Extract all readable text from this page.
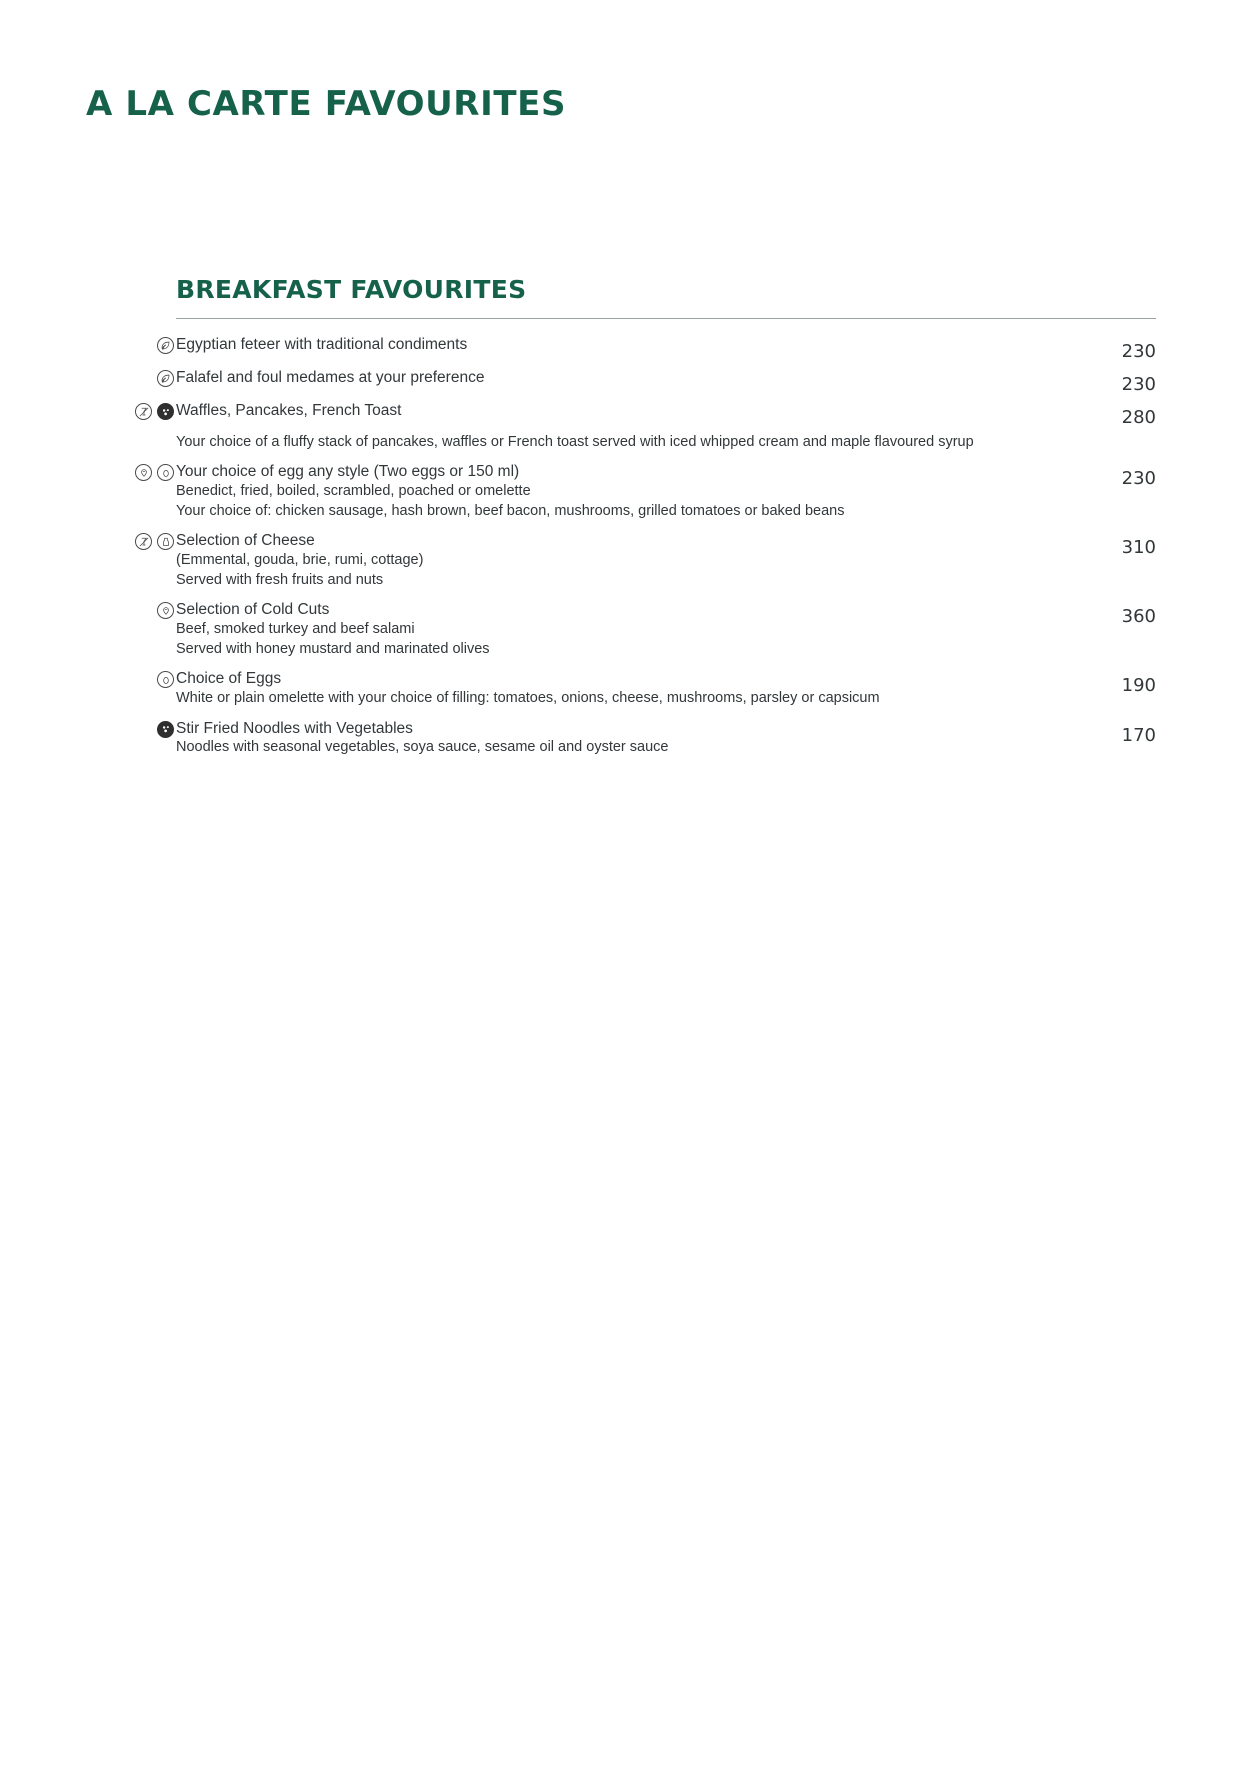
A LA CARTE FAVOURITES
BREAKFAST FAVOURITES
Egyptian feteer with traditional condiments	230
Falafel and foul medames at your preference	230
Waffles, Pancakes, French Toast
Your choice of a fluffy stack of pancakes, waffles or French toast served with iced whipped cream and maple flavoured syrup
280
Your choice of egg any style (Two eggs or 150 ml)
Benedict, fried, boiled, scrambled, poached or omelette
Your choice of: chicken sausage, hash brown, beef bacon, mushrooms, grilled tomatoes or baked beans
230
Selection of Cheese
(Emmental, gouda, brie, rumi, cottage)
Served with fresh fruits and nuts
310
Selection of Cold Cuts
Beef, smoked turkey and beef salami
Served with honey mustard and marinated olives
360
Choice of Eggs
White or plain omelette with your choice of filling: tomatoes, onions, cheese, mushrooms, parsley or capsicum
190
Stir Fried Noodles with Vegetables
Noodles with seasonal vegetables, soya sauce, sesame oil and oyster sauce
170
